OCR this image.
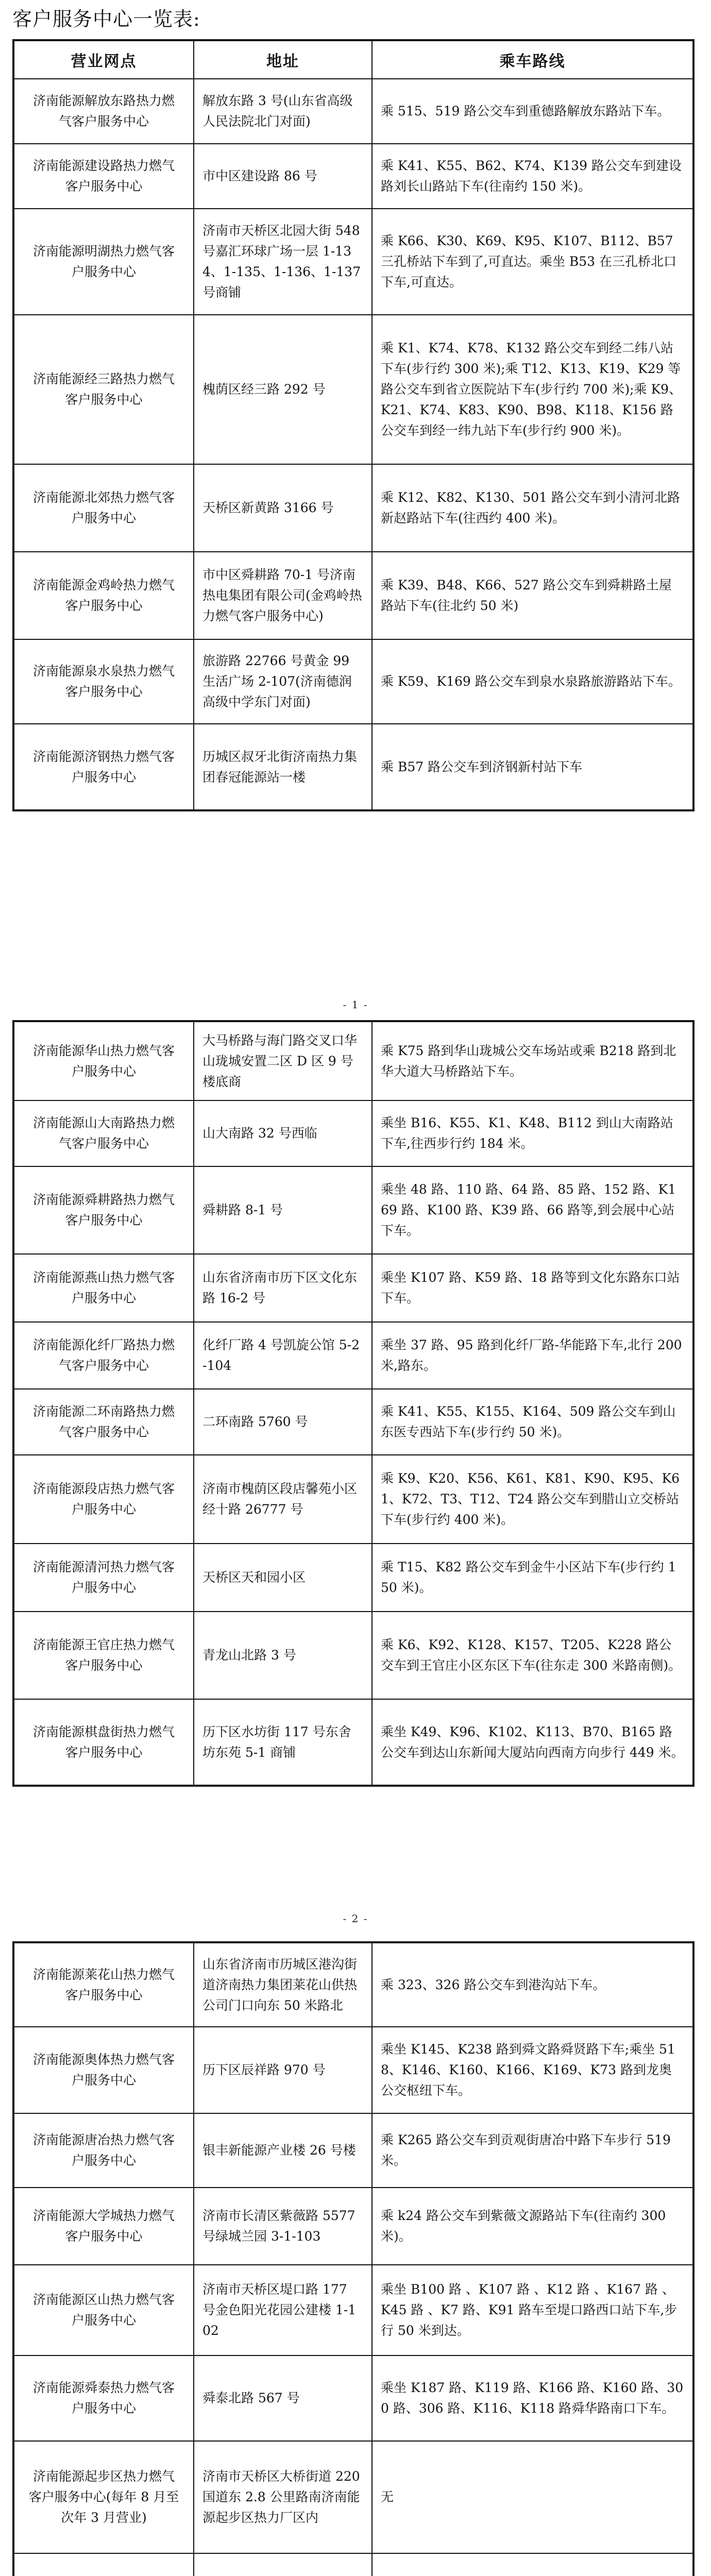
客户服务中心一览表:
营业网点	地址	乘车路线
济南能源解放东路热力燃气客户服务中心	解放东路 3 号(山东省高级人民法院北门对面)	乘 515、519 路公交车到重德路解放东路站下车。
济南能源建设路热力燃气客户服务中心	市中区建设路 86 号	乘 K41、K55、B62、K74、K139 路公交车到建设路刘长山路站下车(往南约 150 米)。
济南能源明湖热力燃气客户服务中心	济南市天桥区北园大街 548 号嘉汇环球广场一层 1-134、1-135、1-136、1-137 号商铺	乘 K66、K30、K69、K95、K107、B112、B57 三孔桥站下车到了,可直达。乘坐 B53 在三孔桥北口下车,可直达。
济南能源经三路热力燃气客户服务中心	槐荫区经三路 292 号	乘 K1、K74、K78、K132 路公交车到经二纬八站下车(步行约 300 米);乘 T12、K13、K19、K29 等路公交车到省立医院站下车(步行约 700 米);乘 K9、K21、K74、K83、K90、B98、K118、K156 路公交车到经一纬九站下车(步行约 900 米)。
济南能源北郊热力燃气客户服务中心	天桥区新黄路 3166 号	乘 K12、K82、K130、501 路公交车到小清河北路新赵路站下车(往西约 400 米)。
济南能源金鸡岭热力燃气客户服务中心	市中区舜耕路 70-1 号济南热电集团有限公司(金鸡岭热力燃气客户服务中心)	乘 K39、B48、K66、527 路公交车到舜耕路土屋路站下车(往北约 50 米)
济南能源泉水泉热力燃气客户服务中心	旅游路 22766 号黄金 99 生活广场 2-107(济南德润高级中学东门对面)	乘 K59、K169 路公交车到泉水泉路旅游路站下车。
济南能源济钢热力燃气客户服务中心	历城区叔牙北街济南热力集团春冠能源站一楼	乘 B57 路公交车到济钢新村站下车
- 1 -
济南能源华山热力燃气客户服务中心	大马桥路与海门路交叉口华山珑城安置二区 D 区 9 号楼底商	乘 K75 路到华山珑城公交车场站或乘 B218 路到北华大道大马桥路站下车。
济南能源山大南路热力燃气客户服务中心	山大南路 32 号西临	乘坐 B16、K55、K1、K48、B112 到山大南路站下车,往西步行约 184 米。
济南能源舜耕路热力燃气客户服务中心	舜耕路 8-1 号	乘坐 48 路、110 路、64 路、85 路、152 路、K169 路、K100 路、K39 路、66 路等,到会展中心站下车。
济南能源燕山热力燃气客户服务中心	山东省济南市历下区文化东路 16-2 号	乘坐 K107 路、K59 路、18 路等到文化东路东口站下车。
济南能源化纤厂路热力燃气客户服务中心	化纤厂路 4 号凯旋公馆 5-2-104	乘坐 37 路、95 路到化纤厂路-华能路下车,北行 200 米,路东。
济南能源二环南路热力燃气客户服务中心	二环南路 5760 号	乘 K41、K55、K155、K164、509 路公交车到山东医专西站下车(步行约 50 米)。
济南能源段店热力燃气客户服务中心	济南市槐荫区段店馨苑小区经十路 26777 号	乘 K9、K20、K56、K61、K81、K90、K95、K61、K72、T3、T12、T24 路公交车到腊山立交桥站下车(步行约 400 米)。
济南能源清河热力燃气客户服务中心	天桥区天和园小区	乘 T15、K82 路公交车到金牛小区站下车(步行约 150 米)。
济南能源王官庄热力燃气客户服务中心	青龙山北路 3 号	乘 K6、K92、K128、K157、T205、K228 路公交车到王官庄小区东区下车(往东走 300 米路南侧)。
济南能源棋盘街热力燃气客户服务中心	历下区水坊街 117 号东舍坊东苑 5-1 商铺	乘坐 K49、K96、K102、K113、B70、B165 路公交车到达山东新闻大厦站向西南方向步行 449 米。
- 2 -
济南能源莱花山热力燃气客户服务中心	山东省济南市历城区港沟街道济南热力集团莱花山供热公司门口向东 50 米路北	乘 323、326 路公交车到港沟站下车。
济南能源奥体热力燃气客户服务中心	历下区辰祥路 970 号	乘坐 K145、K238 路到舜文路舜贤路下车;乘坐 518、K146、K160、K166、K169、K73 路到龙奥公交枢纽下车。
济南能源唐冶热力燃气客户服务中心	银丰新能源产业楼 26 号楼	乘 K265 路公交车到贡观街唐冶中路下车步行 519 米。
济南能源大学城热力燃气客户服务中心	济南市长清区紫薇路 5577 号绿城兰园 3-1-103	乘 k24 路公交车到紫薇文源路站下车(往南约 300 米)。
济南能源区山热力燃气客户服务中心	济南市天桥区堤口路 177 号金色阳光花园公建楼 1-102	乘坐 B100 路 、K107 路 、K12 路 、K167 路 、K45 路 、K7 路、K91 路车至堤口路西口站下车,步行 50 米到达。
济南能源舜泰热力燃气客户服务中心	舜泰北路 567 号	乘坐 K187 路、K119 路、K166 路、K160 路、300 路、306 路、K116、K118 路舜华路南口下车。
济南能源起步区热力燃气客户服务中心(每年 8 月至次年 3 月营业)	济南市天桥区大桥街道 220 国道东 2.8 公里路南济南能源起步区热力厂区内	无
